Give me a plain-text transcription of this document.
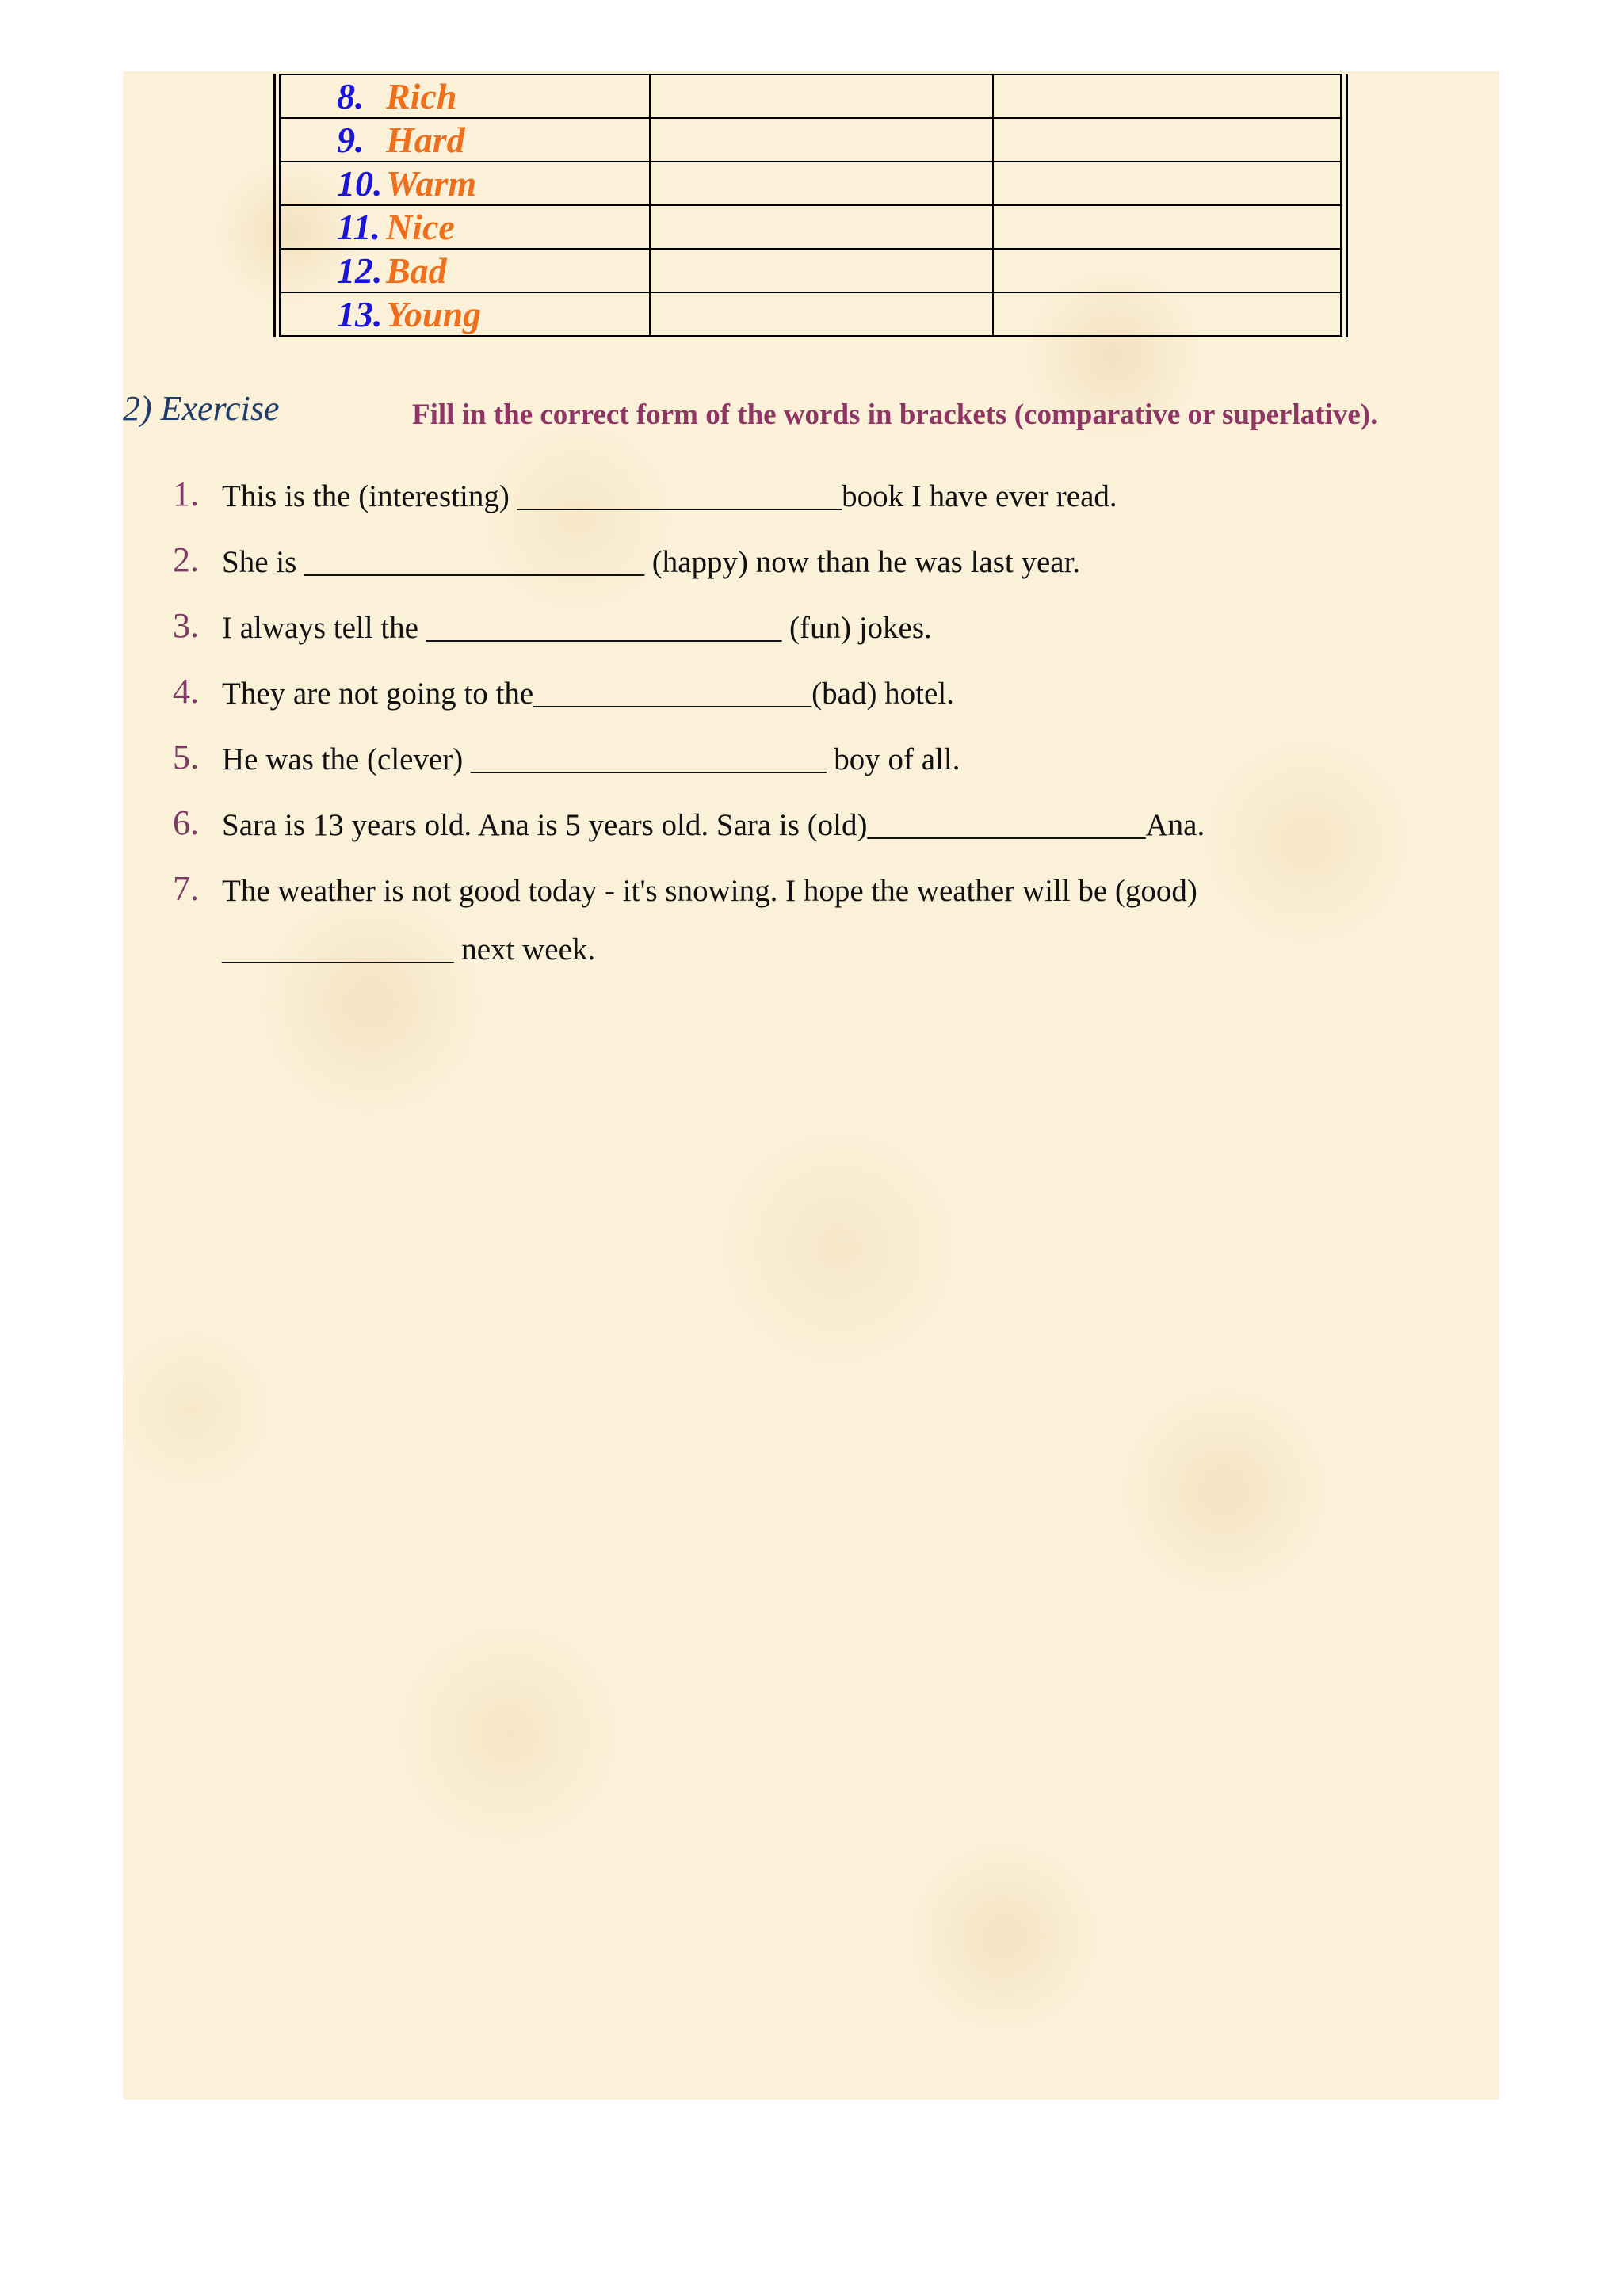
8. Rich		
9. Hard		
10.Warm		
11. Nice		
12.Bad		
13.Young		
2) Exercise	Fill in the correct form of the words in brackets (comparative or superlative).
1. This is the (interesting) _____________________book I have ever read.
2. She is ______________________ (happy) now than he was last year.
3. I always tell the _______________________ (fun) jokes.
4. They are not going to the__________________(bad) hotel.
5. He was the (clever) _______________________ boy of all.
6. Sara is 13 years old. Ana is 5 years old. Sara is (old)__________________Ana.
7. The weather is not good today - it's snowing. I hope the weather will be (good)
_______________ next week.
